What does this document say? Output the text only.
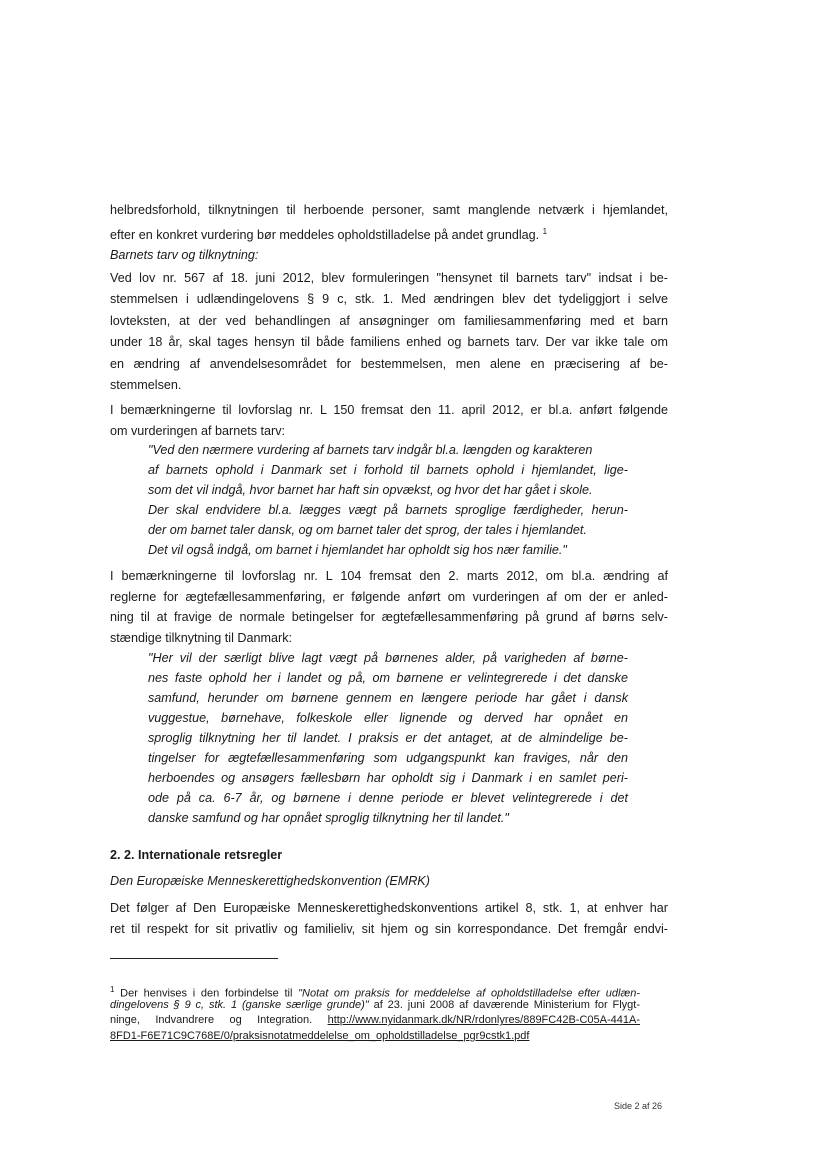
helbredsforhold, tilknytningen til herboende personer, samt manglende netværk i hjemlandet,
efter en konkret vurdering bør meddeles opholdstilladelse på andet grundlag. $^1$
Barnets tarv og tilknytning:
Ved lov nr. 567 af 18. juni 2012, blev formuleringen "hensynet til barnets tarv" indsat i be-
stemmelsen i udlændingelovens § 9 c, stk. 1. Med ændringen blev det tydeliggjort i selve
lovteksten, at der ved behandlingen af ansøgninger om familiesammenføring med et barn
under 18 år, skal tages hensyn til både familiens enhed og barnets tarv. Der var ikke tale om
en ændring af anvendelsesområdet for bestemmelsen, men alene en præcisering af be-
stemmelsen.
I bemærkningerne til lovforslag nr. L 150 fremsat den 11. april 2012, er bl.a. anført følgende
om vurderingen af barnets tarv:
"Ved den nærmere vurdering af barnets tarv indgår bl.a. længden og karakteren
af barnets ophold i Danmark set i forhold til barnets ophold i hjemlandet, lige-
som det vil indgå, hvor barnet har haft sin opvækst, og hvor det har gået i skole.
Der skal endvidere bl.a. lægges vægt på barnets sproglige færdigheder, herun-
der om barnet taler dansk, og om barnet taler det sprog, der tales i hjemlandet.
Det vil også indgå, om barnet i hjemlandet har opholdt sig hos nær familie."
I bemærkningerne til lovforslag nr. L 104 fremsat den 2. marts 2012, om bl.a. ændring af
reglerne for ægtefællesammenføring, er følgende anført om vurderingen af om der er anled-
ning til at fravige de normale betingelser for ægtefællesammenføring på grund af børns selv-
stændige tilknytning til Danmark:
"Her vil der særligt blive lagt vægt på børnenes alder, på varigheden af børne-
nes faste ophold her i landet og på, om børnene er velintegrerede i det danske
samfund, herunder om børnene gennem en længere periode har gået i dansk
vuggestue, børnehave, folkeskole eller lignende og derved har opnået en
sproglig tilknytning her til landet. I praksis er det antaget, at de almindelige be-
tingelser for ægtefællesammenføring som udgangspunkt kan fraviges, når den
herboendes og ansøgers fællesbørn har opholdt sig i Danmark i en samlet peri-
ode på ca. 6-7 år, og børnene i denne periode er blevet velintegrerede i det
danske samfund og har opnået sproglig tilknytning her til landet."
2. 2. Internationale retsregler
Den Europæiske Menneskerettighedskonvention (EMRK)
Det følger af Den Europæiske Menneskerettighedskonventions artikel 8, stk. 1, at enhver har
ret til respekt for sit privatliv og familieliv, sit hjem og sin korrespondance. Det fremgår endvi-
$^1$ Der henvises i den forbindelse til "Notat om praksis for meddelelse af opholdstilladelse efter udlæn-
dingelovens § 9 c, stk. 1 (ganske særlige grunde)" af 23. juni 2008 af daværende Ministerium for Flygt-
ninge, Indvandrere og Integration. http://www.nyidanmark.dk/NR/rdonlyres/889FC42B-C05A-441A-
8FD1-F6E71C9C768E/0/praksisnotatmeddelelse_om_opholdstilladelse_pgr9cstk1.pdf
Side 2 af 26
